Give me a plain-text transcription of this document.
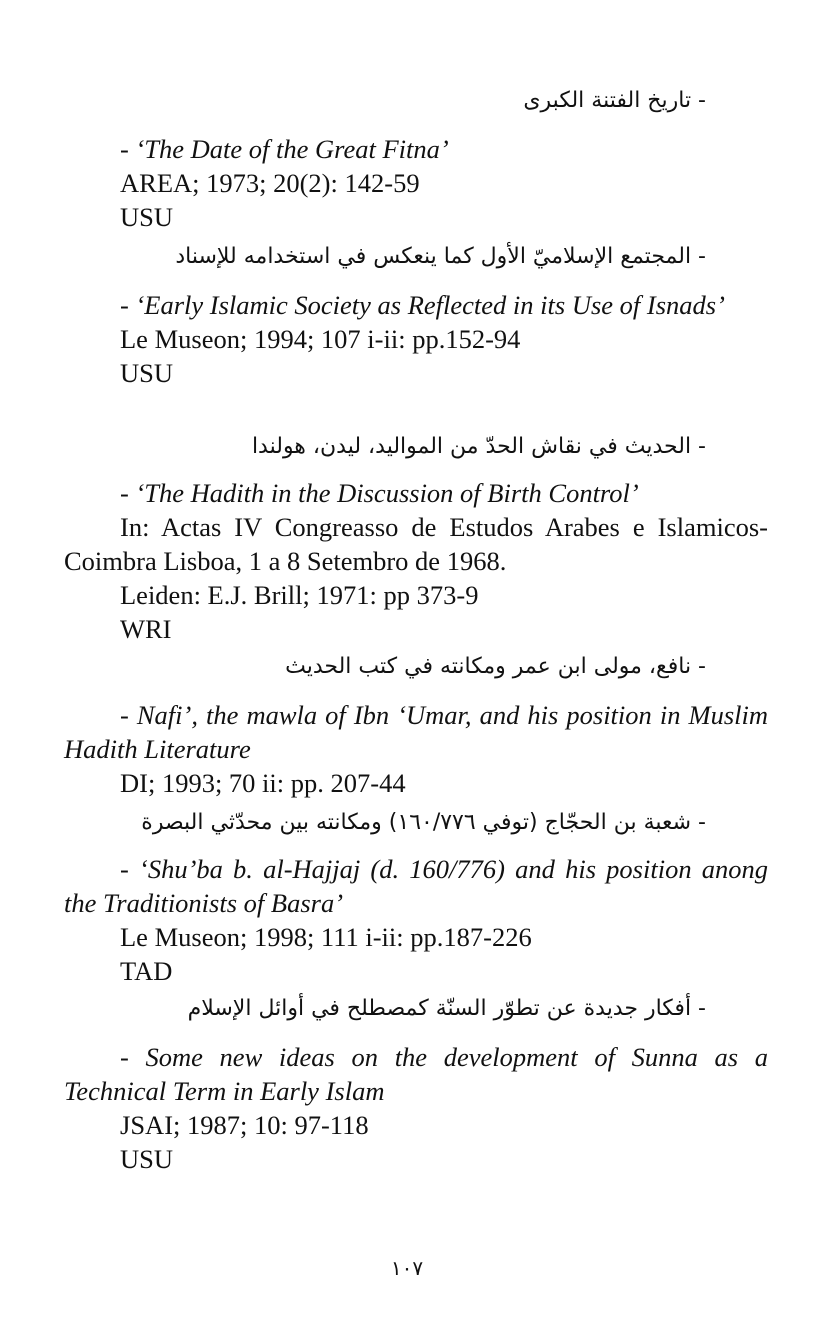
- تاريخ الفتنة الكبرى
- ‘The Date of the Great Fitna’
AREA; 1973; 20(2): 142-59
USU
- المجتمع الإسلاميّ الأول كما ينعكس في استخدامه للإسناد
- ‘Early Islamic Society as Reflected in its Use of Isnads’
Le Museon; 1994; 107 i-ii: pp.152-94
USU
- الحديث في نقاش الحدّ من المواليد، ليدن، هولندا
- ‘The Hadith in the Discussion of Birth Control’
In: Actas IV Congreasso de Estudos Arabes e Islamicos-Coimbra Lisboa, 1 a 8 Setembro de 1968.
Leiden: E.J. Brill; 1971: pp 373-9
WRI
- نافع، مولى ابن عمر ومكانته في كتب الحديث
- Nafi’, the mawla of Ibn ‘Umar, and his position in Muslim Hadith Literature
DI; 1993; 70 ii: pp. 207-44
- شعبة بن الحجّاج (توفي ١٦٠/٧٧٦) ومكانته بين محدّثي البصرة
- ‘Shu’ba b. al-Hajjaj (d. 160/776) and his position anong the Traditionists of Basra’
Le Museon; 1998; 111 i-ii: pp.187-226
TAD
- أفكار جديدة عن تطوّر السنّة كمصطلح في أوائل الإسلام
- Some new ideas on the development of Sunna as a Technical Term in Early Islam
JSAI; 1987; 10: 97-118
USU
١٠٧
